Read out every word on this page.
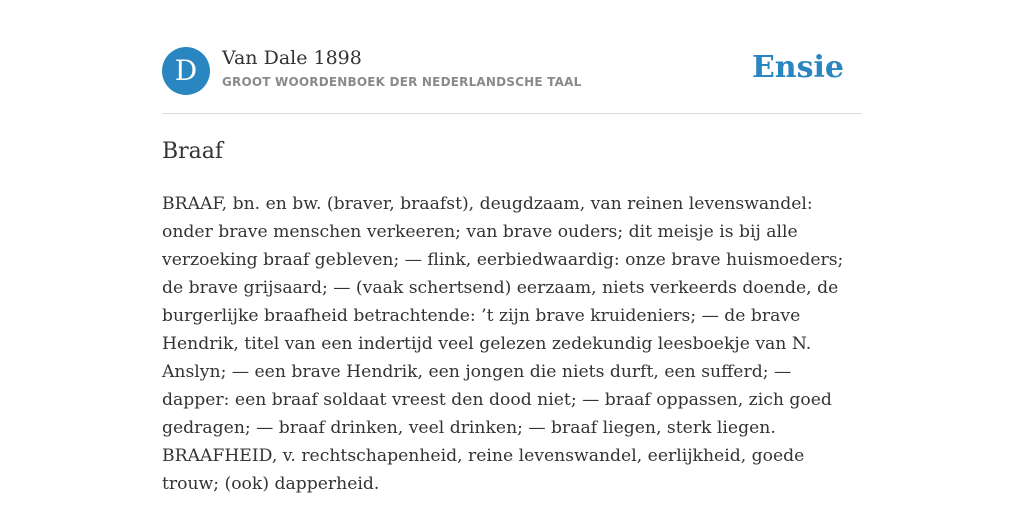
D	Van Dale 1898
GROOT WOORDENBOEK DER NEDERLANDSCHE TAAL	Ensie
Braaf

BRAAF, bn. en bw. (braver, braafst), deugdzaam, van reinen levenswandel: onder brave menschen verkeeren; van brave ouders; dit meisje is bij alle verzoeking braaf gebleven; — flink, eerbiedwaardig: onze brave huismoeders; de brave grijsaard; — (vaak schertsend) eerzaam, niets verkeerds doende, de burgerlijke braafheid betrachtende: ’t zijn brave kruideniers; — de brave Hendrik, titel van een indertijd veel gelezen zedekundig leesboekje van N. Anslyn; — een brave Hendrik, een jongen die niets durft, een sufferd; — dapper: een braaf soldaat vreest den dood niet; — braaf oppassen, zich goed gedragen; — braaf drinken, veel drinken; — braaf liegen, sterk liegen. BRAAFHEID, v. rechtschapenheid, reine levenswandel, eerlijkheid, goede trouw; (ook) dapperheid.
